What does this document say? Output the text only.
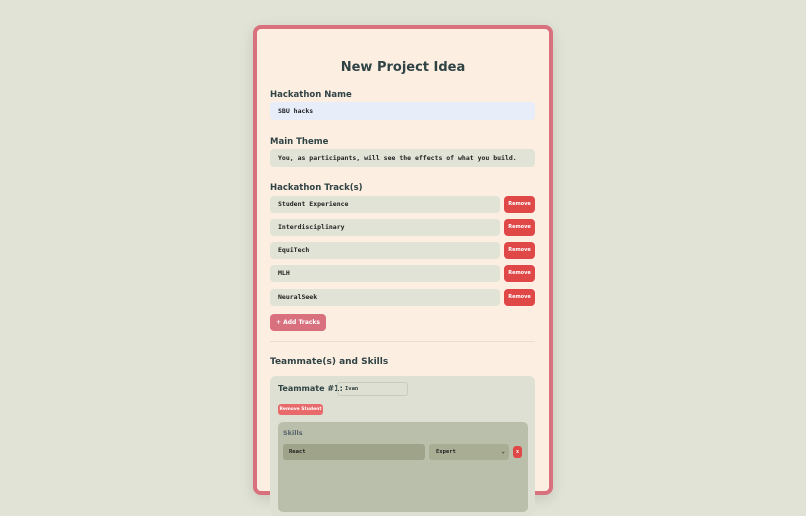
New Project Idea
Hackathon Name
SBU hacks
Main Theme
You, as participants, will see the effects of what you build.
Hackathon Track(s)
Student Experience	Remove
Interdisciplinary	Remove
EquiTech	Remove
MLH	Remove
NeuralSeek	Remove
+ Add Tracks
Teammate(s) and Skills
Teammate #1: Ivan
Remove Student
Skills
React	Expert	⌄	x
